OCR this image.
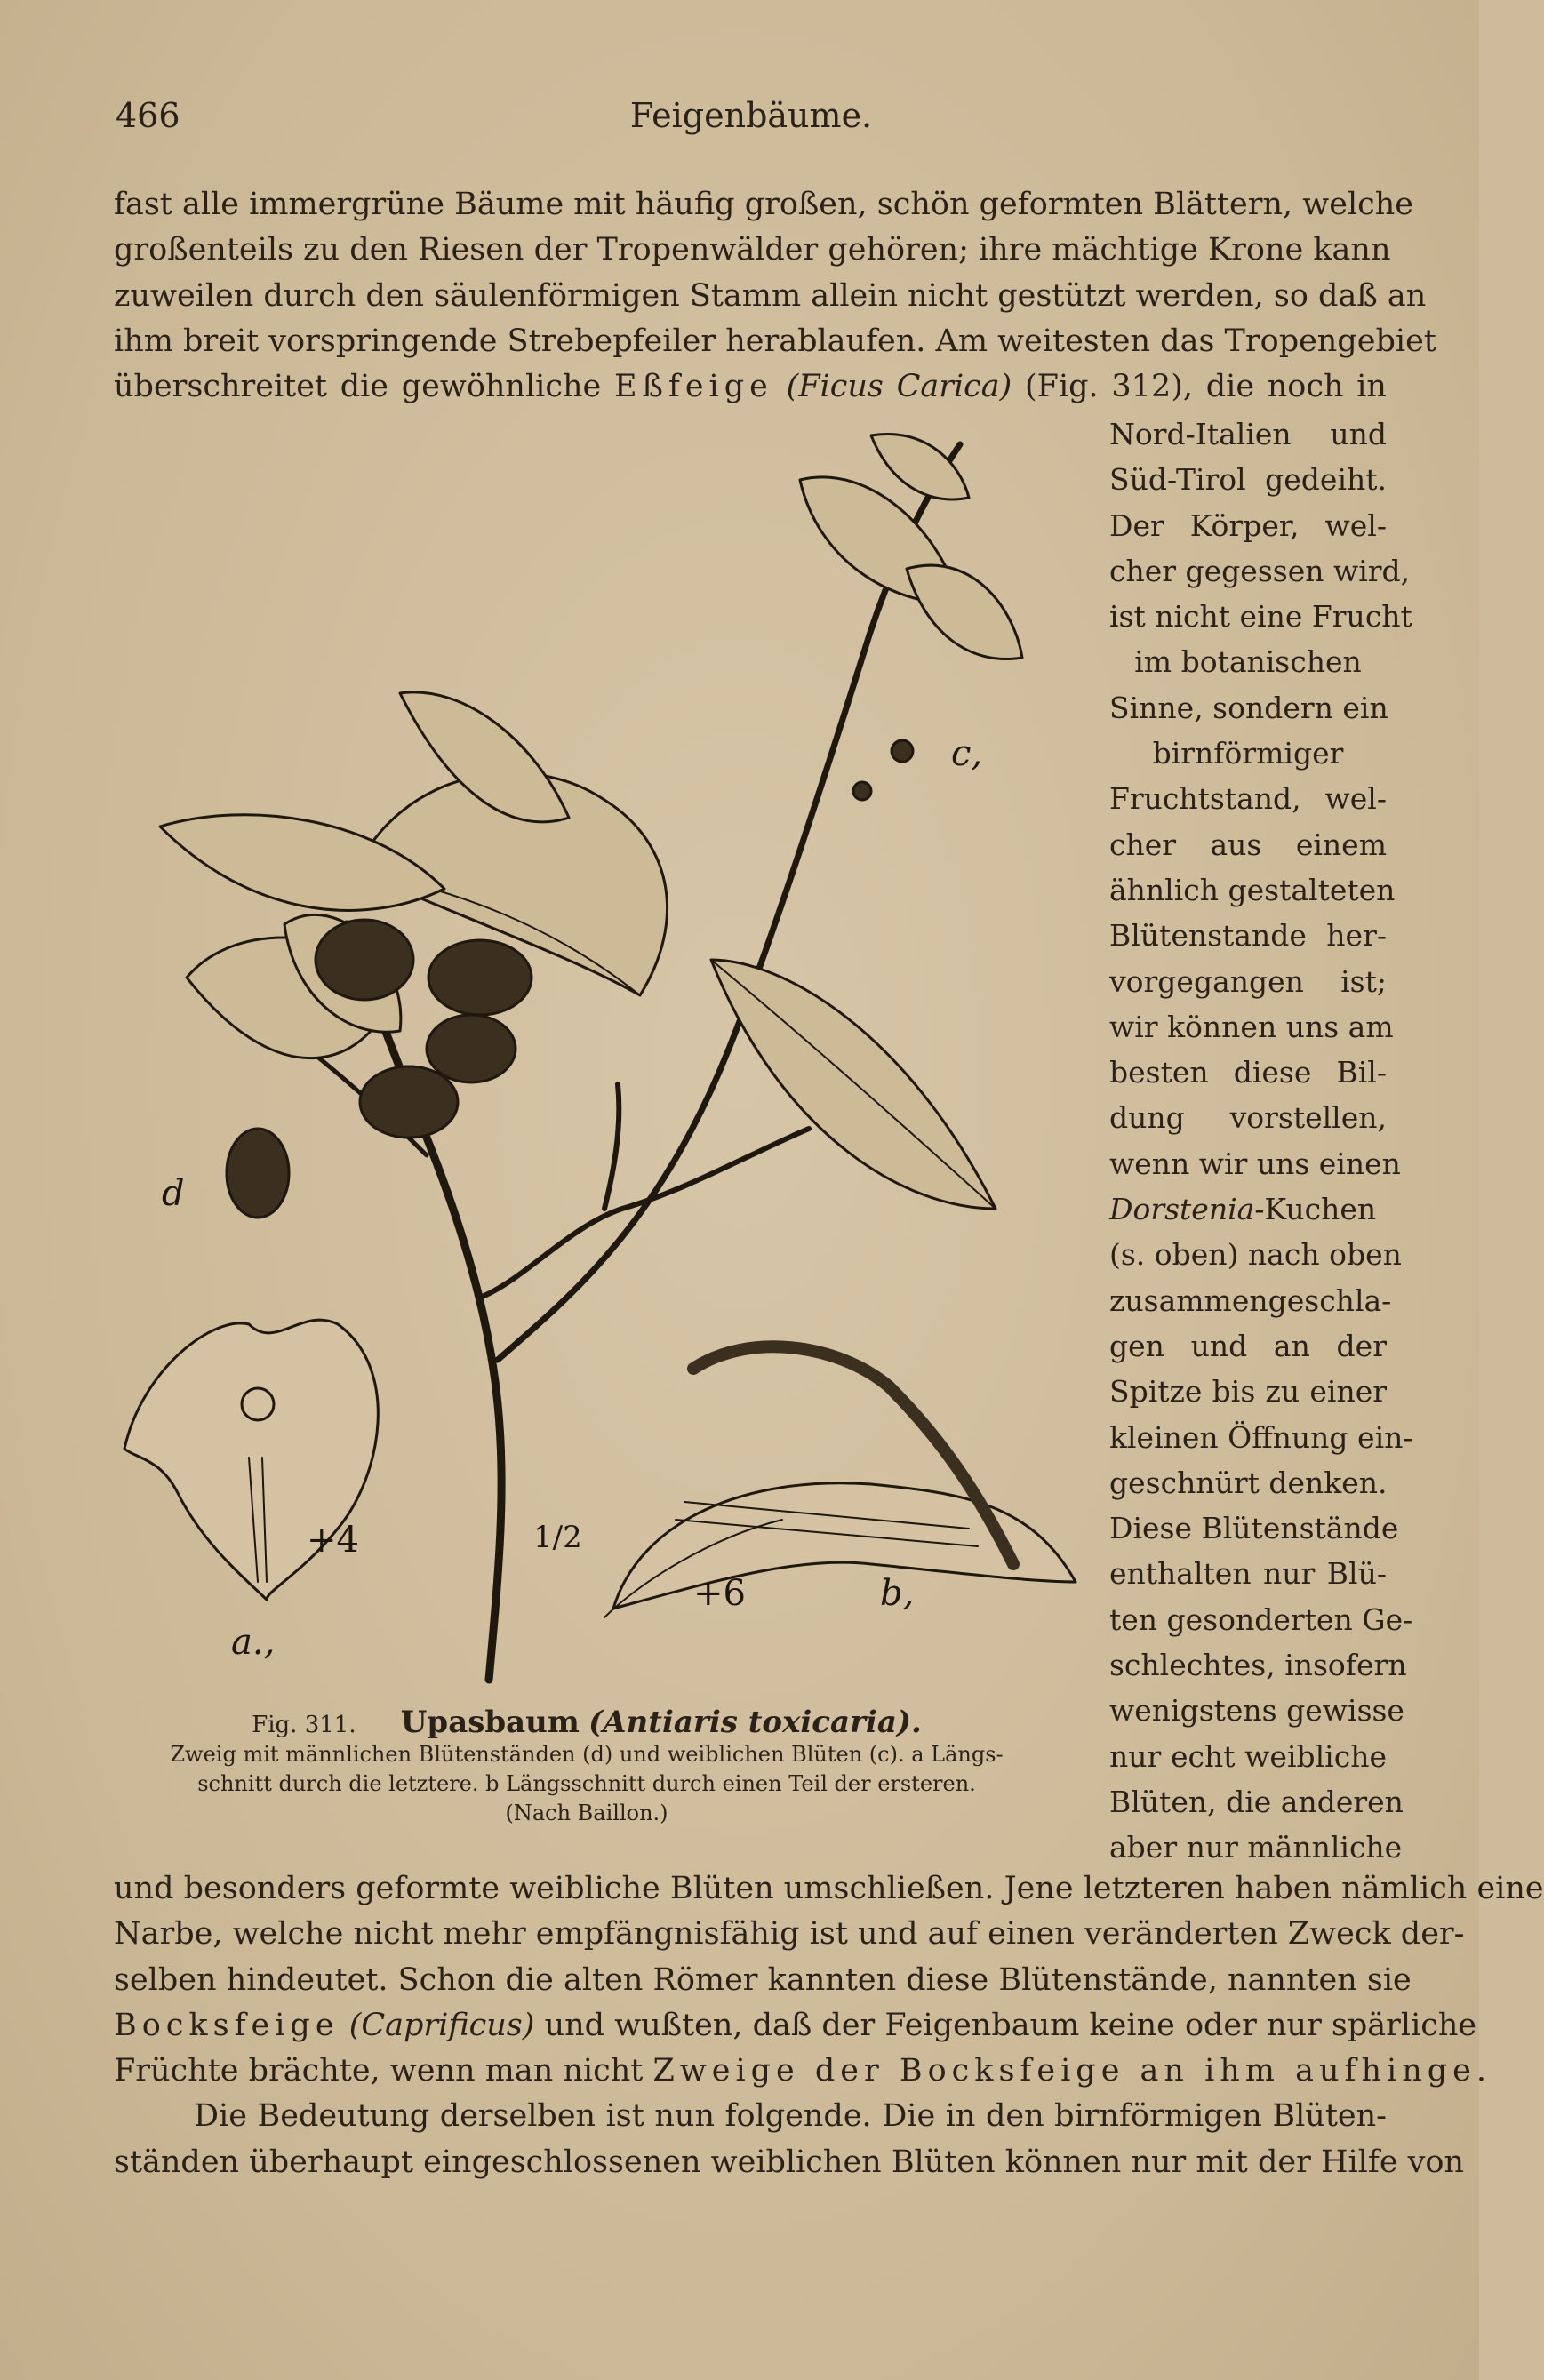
466	Feigenbäume.
fast alle immergrüne Bäume mit häufig großen, schön geformten Blättern, welche
großenteils zu den Riesen der Tropenwälder gehören; ihre mächtige Krone kann
zuweilen durch den säulenförmigen Stamm allein nicht gestützt werden, so daß an
ihm breit vorspringende Strebepfeiler herablaufen. Am weitesten das Tropengebiet
überschreitet die gewöhnliche Eßfeige (Ficus Carica) (Fig. 312), die noch in
Nord-Italien und
Süd-Tirol gedeiht.
Der Körper, wel-
cher gegessen wird,
ist nicht eine Frucht
im botanischen
Sinne, sondern ein
birnförmiger
Fruchtstand, wel-
cher aus einem
ähnlich gestalteten
Blütenstande her-
vorgegangen ist;
wir können uns am
besten diese Bil-
dung vorstellen,
wenn wir uns einen
Dorstenia-Kuchen
(s. oben) nach oben
zusammengeschla-
gen und an der
Spitze bis zu einer
kleinen Öffnung ein-
geschnürt denken.
Diese Blütenstände
enthalten nur Blü-
ten gesonderten Ge-
schlechtes, insofern
wenigstens gewisse
nur echt weibliche
Blüten, die anderen
aber nur männliche
c,
d
a.,
+4	1/2
+6	b,
Fig. 311. Upasbaum (Antiaris toxicaria).
Zweig mit männlichen Blütenständen (d) und weiblichen Blüten (c). a Längs-
schnitt durch die letztere. b Längsschnitt durch einen Teil der ersteren.
(Nach Baillon.)
und besonders geformte weibliche Blüten umschließen. Jene letzteren haben nämlich eine
Narbe, welche nicht mehr empfängnisfähig ist und auf einen veränderten Zweck der-
selben hindeutet. Schon die alten Römer kannten diese Blütenstände, nannten sie
Bocksfeige (Caprificus) und wußten, daß der Feigenbaum keine oder nur spärliche
Früchte brächte, wenn man nicht Zweige der Bocksfeige an ihm aufhinge.
Die Bedeutung derselben ist nun folgende. Die in den birnförmigen Blüten-
ständen überhaupt eingeschlossenen weiblichen Blüten können nur mit der Hilfe von
